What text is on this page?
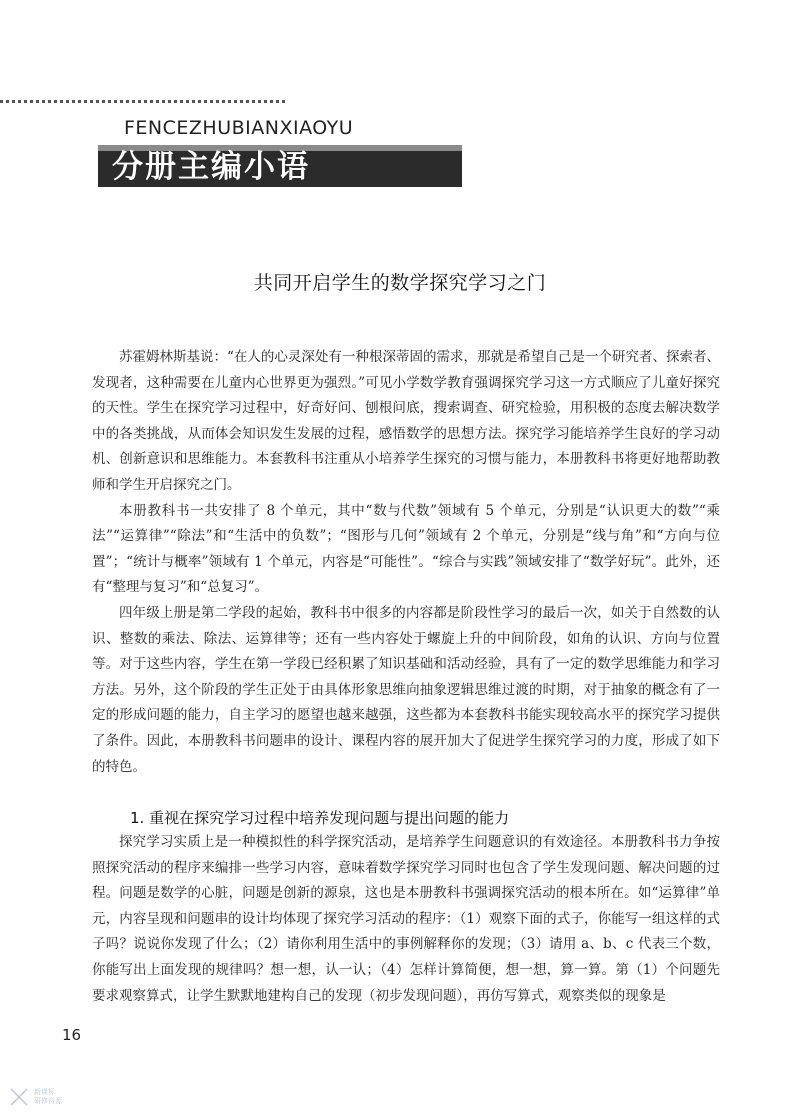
FENCEZHUBIANXIAOYU
分册主编小语
共同开启学生的数学探究学习之门

苏霍姆林斯基说：“在人的心灵深处有一种根深蒂固的需求，那就是希望自己是一个研究者、探索者、发现者，这种需要在儿童内心世界更为强烈。”可见小学数学教育强调探究学习这一方式顺应了儿童好探究的天性。学生在探究学习过程中，好奇好问、刨根问底，搜索调查、研究检验，用积极的态度去解决数学中的各类挑战，从而体会知识发生发展的过程，感悟数学的思想方法。探究学习能培养学生良好的学习动机、创新意识和思维能力。本套教科书注重从小培养学生探究的习惯与能力，本册教科书将更好地帮助教师和学生开启探究之门。

本册教科书一共安排了 8 个单元，其中“数与代数”领域有 5 个单元，分别是“认识更大的数”“乘法”“运算律”“除法”和“生活中的负数”；“图形与几何”领域有 2 个单元，分别是“线与角”和“方向与位置”；“统计与概率”领域有 1 个单元，内容是“可能性”。“综合与实践”领域安排了“数学好玩”。此外，还有“整理与复习”和“总复习”。

四年级上册是第二学段的起始，教科书中很多的内容都是阶段性学习的最后一次，如关于自然数的认识、整数的乘法、除法、运算律等；还有一些内容处于螺旋上升的中间阶段，如角的认识、方向与位置等。对于这些内容，学生在第一学段已经积累了知识基础和活动经验，具有了一定的数学思维能力和学习方法。另外，这个阶段的学生正处于由具体形象思维向抽象逻辑思维过渡的时期，对于抽象的概念有了一定的形成问题的能力，自主学习的愿望也越来越强，这些都为本套教科书能实现较高水平的探究学习提供了条件。因此，本册教科书问题串的设计、课程内容的展开加大了促进学生探究学习的力度，形成了如下的特色。

1. 重视在探究学习过程中培养发现问题与提出问题的能力

探究学习实质上是一种模拟性的科学探究活动，是培养学生问题意识的有效途径。本册教科书力争按照探究活动的程序来编排一些学习内容，意味着数学探究学习同时也包含了学生发现问题、解决问题的过程。问题是数学的心脏，问题是创新的源泉，这也是本册教科书强调探究活动的根本所在。如“运算律”单元，内容呈现和问题串的设计均体现了探究学习活动的程序：（1）观察下面的式子，你能写一组这样的式子吗？说说你发现了什么；（2）请你利用生活中的事例解释你的发现；（3）请用 a、b、c 代表三个数，你能写出上面发现的规律吗？想一想，认一认；（4）怎样计算简便，想一想，算一算。第（1）个问题先要求观察算式，让学生默默地建构自己的发现（初步发现问题），再仿写算式，观察类似的现象是

16
新课标
研修资源
